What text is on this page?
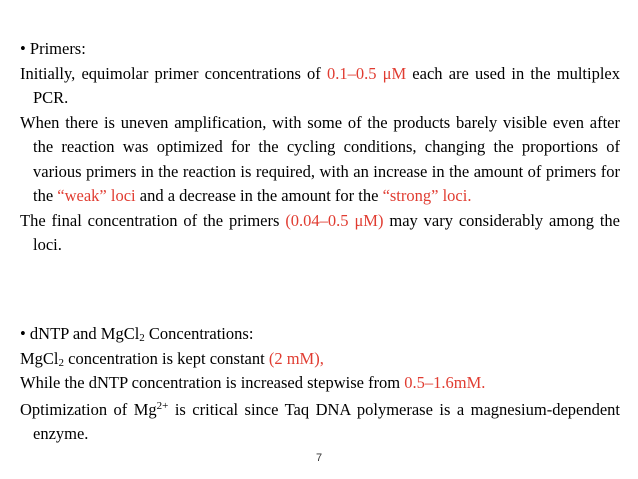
• Primers:

Initially, equimolar primer concentrations of 0.1–0.5 μM each are used in the multiplex PCR.

When there is uneven amplification, with some of the products barely visible even after the reaction was optimized for the cycling conditions, changing the proportions of various primers in the reaction is required, with an increase in the amount of primers for the “weak” loci and a decrease in the amount for the “strong” loci.

The final concentration of the primers (0.04–0.5 μM) may vary considerably among the loci.

• dNTP and MgCl$_2$ Concentrations:

MgCl$_2$ concentration is kept constant (2 mM),

While the dNTP concentration is increased stepwise from 0.5–1.6mM.

Optimization of $Mg^{2+}$ is critical since Taq DNA polymerase is a magnesium-dependent enzyme.

7
